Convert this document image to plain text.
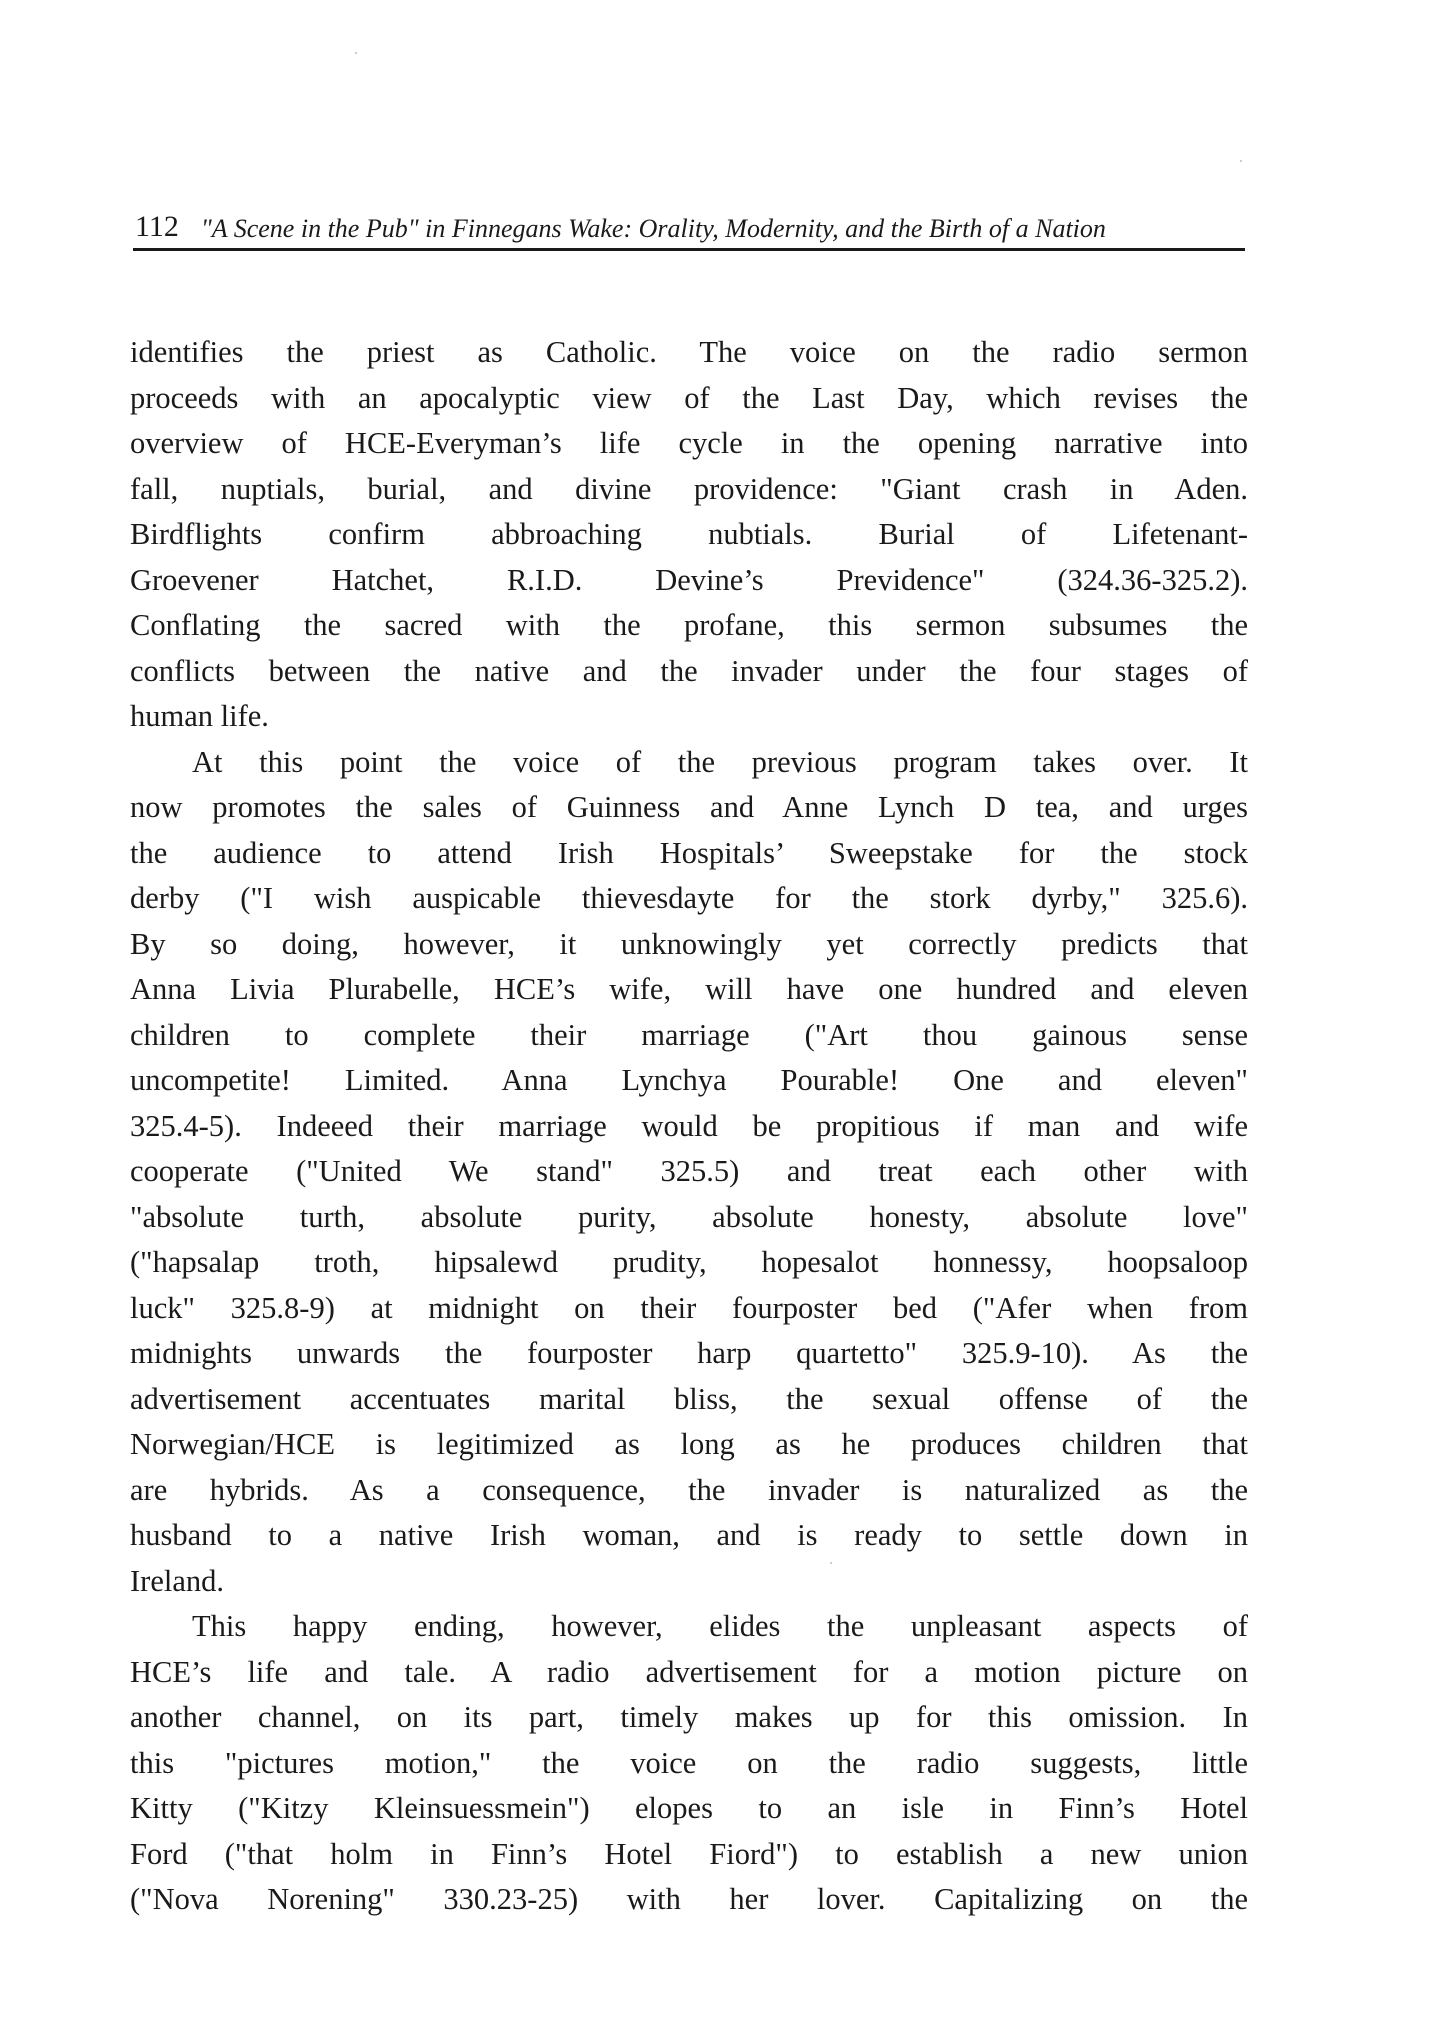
112 "A Scene in the Pub" in Finnegans Wake: Orality, Modernity, and the Birth of a Nation
identifies the priest as Catholic. The voice on the radio sermon
proceeds with an apocalyptic view of the Last Day, which revises the
overview of HCE-Everyman’s life cycle in the opening narrative into
fall, nuptials, burial, and divine providence: "Giant crash in Aden.
Birdflights confirm abbroaching nubtials. Burial of Lifetenant-
Groevener Hatchet, R.I.D. Devine’s Previdence" (324.36-325.2).
Conflating the sacred with the profane, this sermon subsumes the
conflicts between the native and the invader under the four stages of
human life.
At this point the voice of the previous program takes over. It
now promotes the sales of Guinness and Anne Lynch D tea, and urges
the audience to attend Irish Hospitals’ Sweepstake for the stock
derby ("I wish auspicable thievesdayte for the stork dyrby," 325.6).
By so doing, however, it unknowingly yet correctly predicts that
Anna Livia Plurabelle, HCE’s wife, will have one hundred and eleven
children to complete their marriage ("Art thou gainous sense
uncompetite! Limited. Anna Lynchya Pourable! One and eleven"
325.4-5). Indeeed their marriage would be propitious if man and wife
cooperate ("United We stand" 325.5) and treat each other with
"absolute turth, absolute purity, absolute honesty, absolute love"
("hapsalap troth, hipsalewd prudity, hopesalot honnessy, hoopsaloop
luck" 325.8-9) at midnight on their fourposter bed ("Afer when from
midnights unwards the fourposter harp quartetto" 325.9-10). As the
advertisement accentuates marital bliss, the sexual offense of the
Norwegian/HCE is legitimized as long as he produces children that
are hybrids. As a consequence, the invader is naturalized as the
husband to a native Irish woman, and is ready to settle down in
Ireland.
This happy ending, however, elides the unpleasant aspects of
HCE’s life and tale. A radio advertisement for a motion picture on
another channel, on its part, timely makes up for this omission. In
this "pictures motion," the voice on the radio suggests, little
Kitty ("Kitzy Kleinsuessmein") elopes to an isle in Finn’s Hotel
Ford ("that holm in Finn’s Hotel Fiord") to establish a new union
("Nova Norening" 330.23-25) with her lover. Capitalizing on the
